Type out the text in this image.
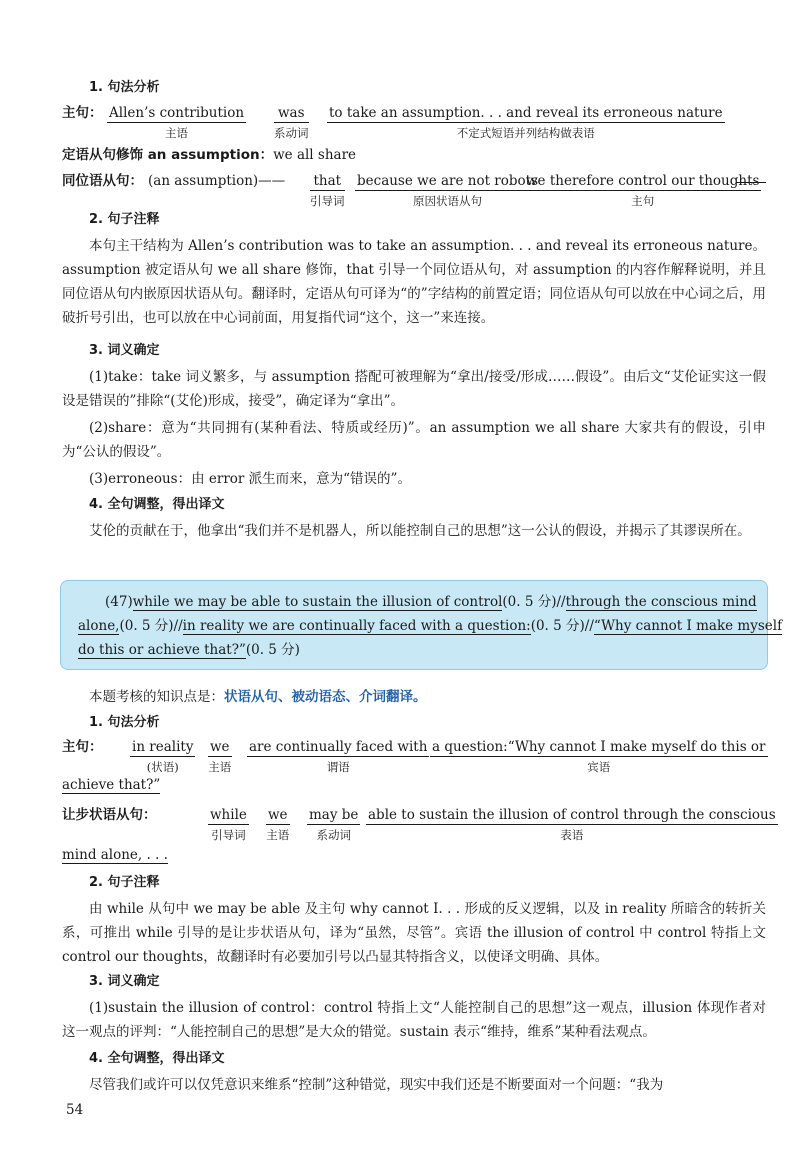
1. 句法分析
主句： Allen’s contribution
主语
was
系动词
to take an assumption. . . and reveal its erroneous nature
不定式短语并列结构做表语
定语从句修饰 an assumption：we all share
同位语从句： (an assumption)—— that
引导词
because we are not robots
原因状语从句
we therefore control our thoughts
主句
2. 句子注释
本句主干结构为 Allen’s contribution was to take an assumption. . . and reveal its erroneous nature。assumption 被定语从句 we all share 修饰，that 引导一个同位语从句，对 assumption 的内容作解释说明，并且同位语从句内嵌原因状语从句。翻译时，定语从句可译为“的”字结构的前置定语；同位语从句可以放在中心词之后，用破折号引出，也可以放在中心词前面，用复指代词“这个，这一”来连接。
3. 词义确定
(1)take：take 词义繁多，与 assumption 搭配可被理解为“拿出/接受/形成……假设”。由后文“艾伦证实这一假设是错误的”排除“(艾伦)形成，接受”，确定译为“拿出”。
(2)share：意为“共同拥有(某种看法、特质或经历)”。an assumption we all share 大家共有的假设，引申为“公认的假设”。
(3)erroneous：由 error 派生而来，意为“错误的”。
4. 全句调整，得出译文
艾伦的贡献在于，他拿出“我们并不是机器人，所以能控制自己的思想”这一公认的假设，并揭示了其谬误所在。
(47)while we may be able to sustain the illusion of control(0. 5 分)//through the conscious mind
alone,(0. 5 分)//in reality we are continually faced with a question:(0. 5 分)//“Why cannot I make myself
do this or achieve that?”(0. 5 分)
本题考核的知识点是：状语从句、被动语态、介词翻译。
1. 句法分析
主句： in reality
(状语)
we
主语
are continually faced with
谓语
a question:“Why cannot I make myself do this or
宾语
achieve that?”
让步状语从句：	while
引导词
we
主语
may be
系动词
able to sustain the illusion of control through the conscious
表语
mind alone, . . .
2. 句子注释
由 while 从句中 we may be able 及主句 why cannot I. . . 形成的反义逻辑，以及 in reality 所暗含的转折关系，可推出 while 引导的是让步状语从句，译为“虽然，尽管”。宾语 the illusion of control 中 control 特指上文 control our thoughts，故翻译时有必要加引号以凸显其特指含义，以使译文明确、具体。
3. 词义确定
(1)sustain the illusion of control：control 特指上文“人能控制自己的思想”这一观点，illusion 体现作者对这一观点的评判：“人能控制自己的思想”是大众的错觉。sustain 表示“维持，维系”某种看法观点。
4. 全句调整，得出译文
尽管我们或许可以仅凭意识来维系“控制”这种错觉，现实中我们还是不断要面对一个问题：“我为
54
